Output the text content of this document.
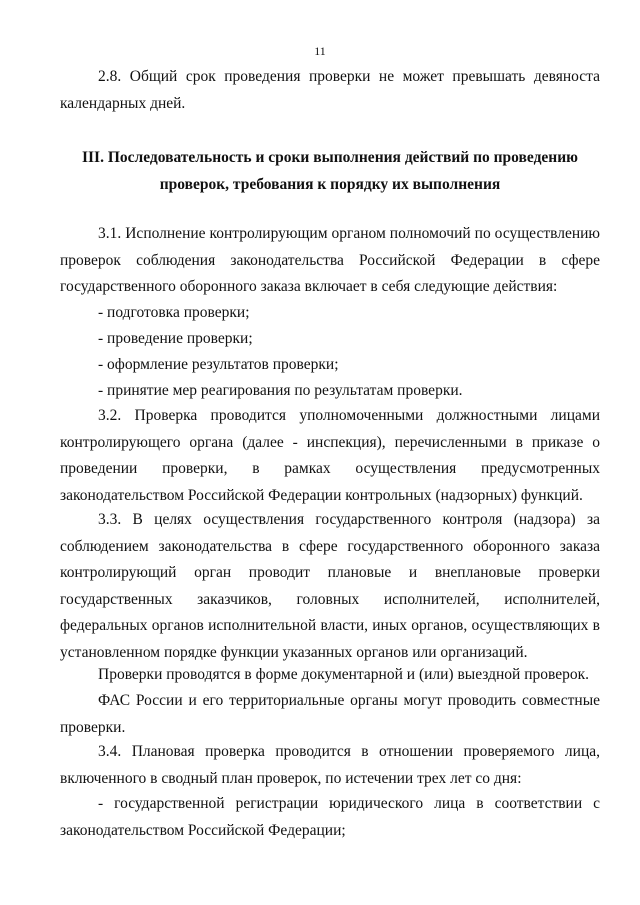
11

2.8. Общий срок проведения проверки не может превышать девяноста календарных дней.

III. Последовательность и сроки выполнения действий по проведению
проверок, требования к порядку их выполнения

3.1. Исполнение контролирующим органом полномочий по осуществлению проверок соблюдения законодательства Российской Федерации в сфере государственного оборонного заказа включает в себя следующие действия:

- подготовка проверки;

- проведение проверки;

- оформление результатов проверки;

- принятие мер реагирования по результатам проверки.

3.2. Проверка проводится уполномоченными должностными лицами контролирующего органа (далее - инспекция), перечисленными в приказе о проведении проверки, в рамках осуществления предусмотренных законодательством Российской Федерации контрольных (надзорных) функций.

3.3. В целях осуществления государственного контроля (надзора) за соблюдением законодательства в сфере государственного оборонного заказа контролирующий орган проводит плановые и внеплановые проверки государственных заказчиков, головных исполнителей, исполнителей, федеральных органов исполнительной власти, иных органов, осуществляющих в установленном порядке функции указанных органов или организаций.

Проверки проводятся в форме документарной и (или) выездной проверок.

ФАС России и его территориальные органы могут проводить совместные проверки.

3.4. Плановая проверка проводится в отношении проверяемого лица, включенного в сводный план проверок, по истечении трех лет со дня:

- государственной регистрации юридического лица в соответствии с законодательством Российской Федерации;
